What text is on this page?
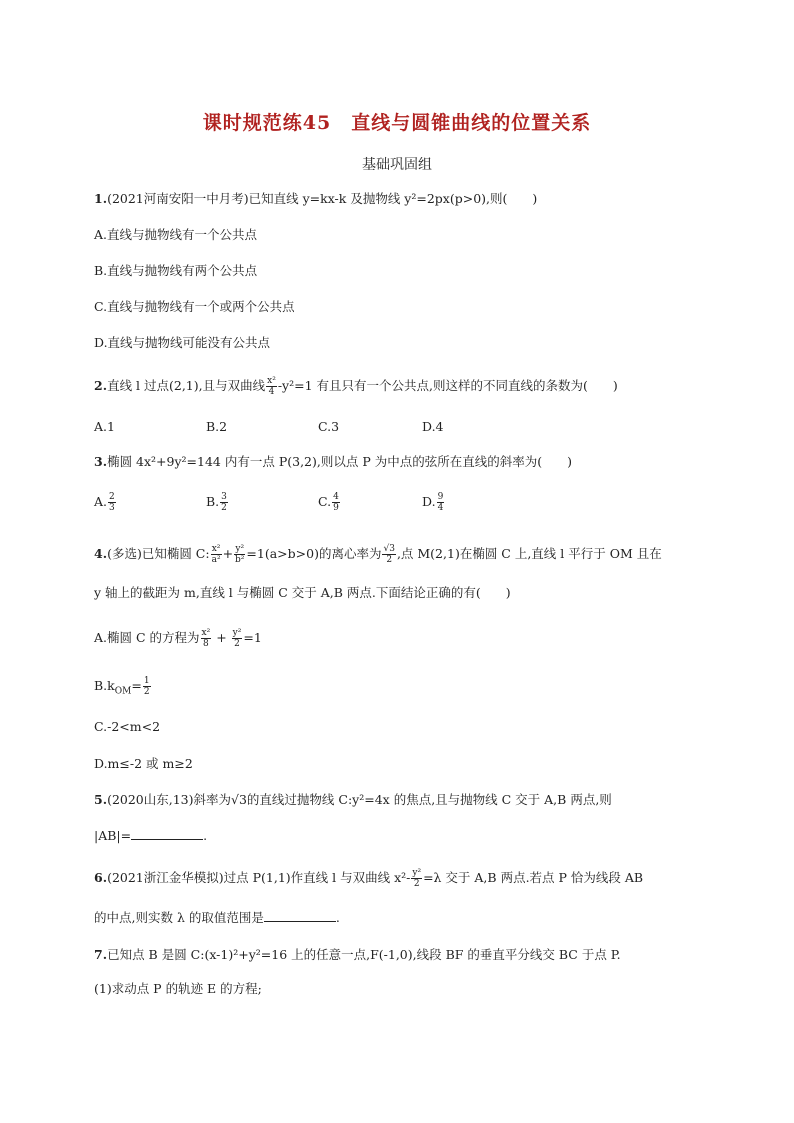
课时规范练45　直线与圆锥曲线的位置关系
基础巩固组
1.(2021河南安阳一中月考)已知直线 y=kx-k 及抛物线 y²=2px(p>0),则(　　)
A.直线与抛物线有一个公共点
B.直线与抛物线有两个公共点
C.直线与抛物线有一个或两个公共点
D.直线与抛物线可能没有公共点
2.直线 l 过点(2,1),且与双曲线 $\frac{\text{x²}}{4} -y^2=1$ 有且只有一个公共点,则这样的不同直线的条数为(　　)
A.1	B.2	C.3	D.4
3.椭圆 4x²+9y²=144 内有一点 P(3,2),则以点 P 为中点的弦所在直线的斜率为(　　)
A. $\frac{2}{3}$	B. $\frac{3}{2}$	C. $\frac{4}{9}$	D. $\frac{9}{4}$
4.(多选)已知椭圆 C: $\frac{\text{x²}}{\text{a²}} + \frac{\text{y²}}{\text{b²}} =1(a>b>0)$的离心率为 $\frac{√3}{2}$ ,点 M(2,1)在椭圆 C 上,直线 l 平行于 OM 且在
y 轴上的截距为 m,直线 l 与椭圆 C 交于 A,B 两点.下面结论正确的有(　　)
A.椭圆 C 的方程为 $\frac{\text{x²}}{8} + \frac{\text{y²}}{2} =1$
$B.k_{OM}= \frac{1}{2}$
C.-2<m<2
D.m≤-2 或 m≥2
5.(2020山东,13)斜率为√3的直线过抛物线 C:y²=4x 的焦点,且与抛物线 C 交于 A,B 两点,则
|AB|=	.
6.(2021浙江金华模拟)过点 P(1,1)作直线 l 与双曲线 $x^2- \frac{\text{y²}}{2} =\lambda$ 交于 A,B 两点.若点 P 恰为线段 AB
的中点,则实数 λ 的取值范围是	.
7.已知点 B 是圆 C:(x-1)²+y²=16 上的任意一点,F(-1,0),线段 BF 的垂直平分线交 BC 于点 P.
(1)求动点 P 的轨迹 E 的方程;
